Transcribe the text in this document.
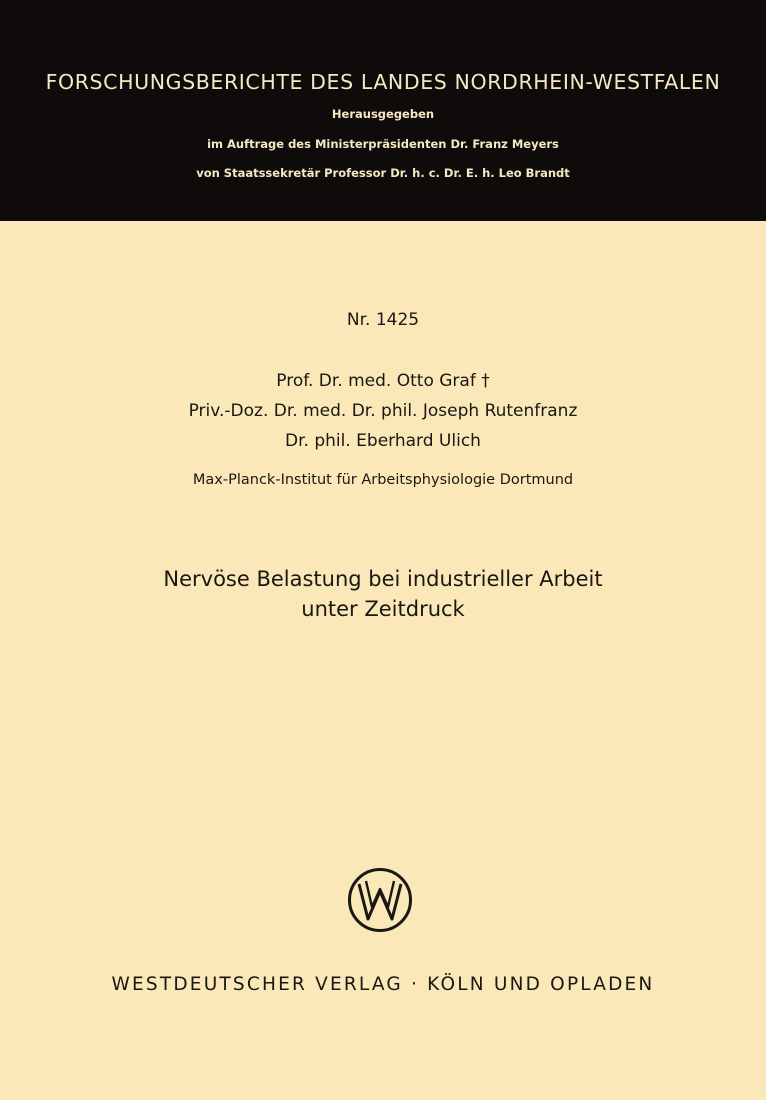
FORSCHUNGSBERICHTE DES LANDES NORDRHEIN-WESTFALEN
Herausgegeben
im Auftrage des Ministerpräsidenten Dr. Franz Meyers
von Staatssekretär Professor Dr. h. c. Dr. E. h. Leo Brandt
Nr. 1425
Prof. Dr. med. Otto Graf †
Priv.-Doz. Dr. med. Dr. phil. Joseph Rutenfranz
Dr. phil. Eberhard Ulich
Max-Planck-Institut für Arbeitsphysiologie Dortmund
Nervöse Belastung bei industrieller Arbeit
unter Zeitdruck
WESTDEUTSCHER VERLAG · KÖLN UND OPLADEN
